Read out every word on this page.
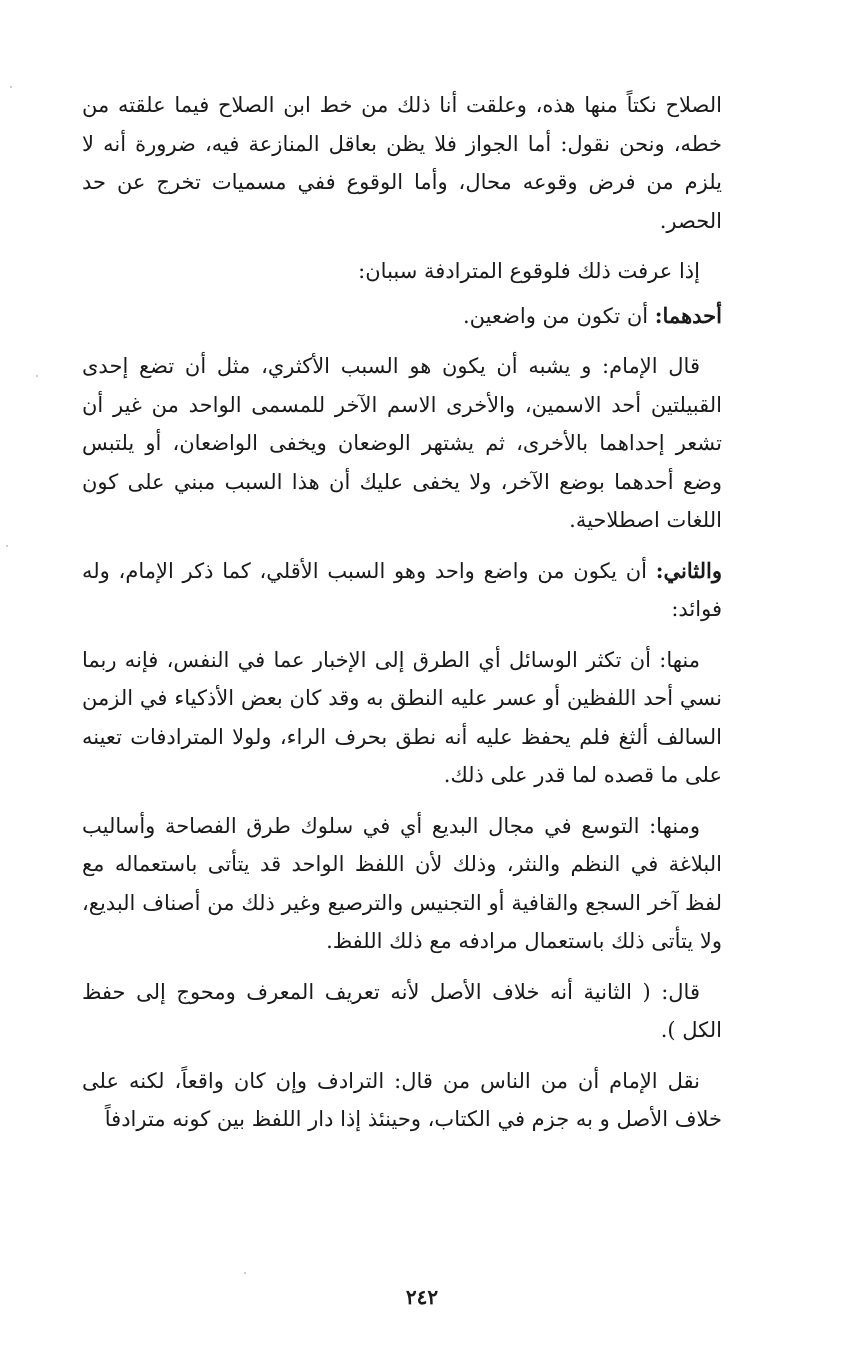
الصلاح نكتاً منها هذه، وعلقت أنا ذلك من خط ابن الصلاح فيما علقته من خطه، ونحن نقول: أما الجواز فلا يظن بعاقل المنازعة فيه، ضرورة أنه لا يلزم من فرض وقوعه محال، وأما الوقوع ففي مسميات تخرج عن حد الحصر.

إذا عرفت ذلك فلوقوع المترادفة سببان:

أحدهما: أن تكون من واضعين.

قال الإمام: و يشبه أن يكون هو السبب الأكثري، مثل أن تضع إحدى القبيلتين أحد الاسمين، والأخرى الاسم الآخر للمسمى الواحد من غير أن تشعر إحداهما بالأخرى، ثم يشتهر الوضعان ويخفى الواضعان، أو يلتبس وضع أحدهما بوضع الآخر، ولا يخفى عليك أن هذا السبب مبني على كون اللغات اصطلاحية.

والثاني: أن يكون من واضع واحد وهو السبب الأقلي، كما ذكر الإمام، وله فوائد:

منها: أن تكثر الوسائل أي الطرق إلى الإخبار عما في النفس، فإنه ربما نسي أحد اللفظين أو عسر عليه النطق به وقد كان بعض الأذكياء في الزمن السالف ألثغ فلم يحفظ عليه أنه نطق بحرف الراء، ولولا المترادفات تعينه على ما قصده لما قدر على ذلك.

ومنها: التوسع في مجال البديع أي في سلوك طرق الفصاحة وأساليب البلاغة في النظم والنثر، وذلك لأن اللفظ الواحد قد يتأتى باستعماله مع لفظ آخر السجع والقافية أو التجنيس والترصيع وغير ذلك من أصناف البديع، ولا يتأتى ذلك باستعمال مرادفه مع ذلك اللفظ.

قال: ( الثانية أنه خلاف الأصل لأنه تعريف المعرف ومحوج إلى حفظ الكل ).

نقل الإمام أن من الناس من قال: الترادف وإن كان واقعاً، لكنه على خلاف الأصل و به جزم في الكتاب، وحينئذ إذا دار اللفظ بين كونه مترادفاً

٢٤٢
